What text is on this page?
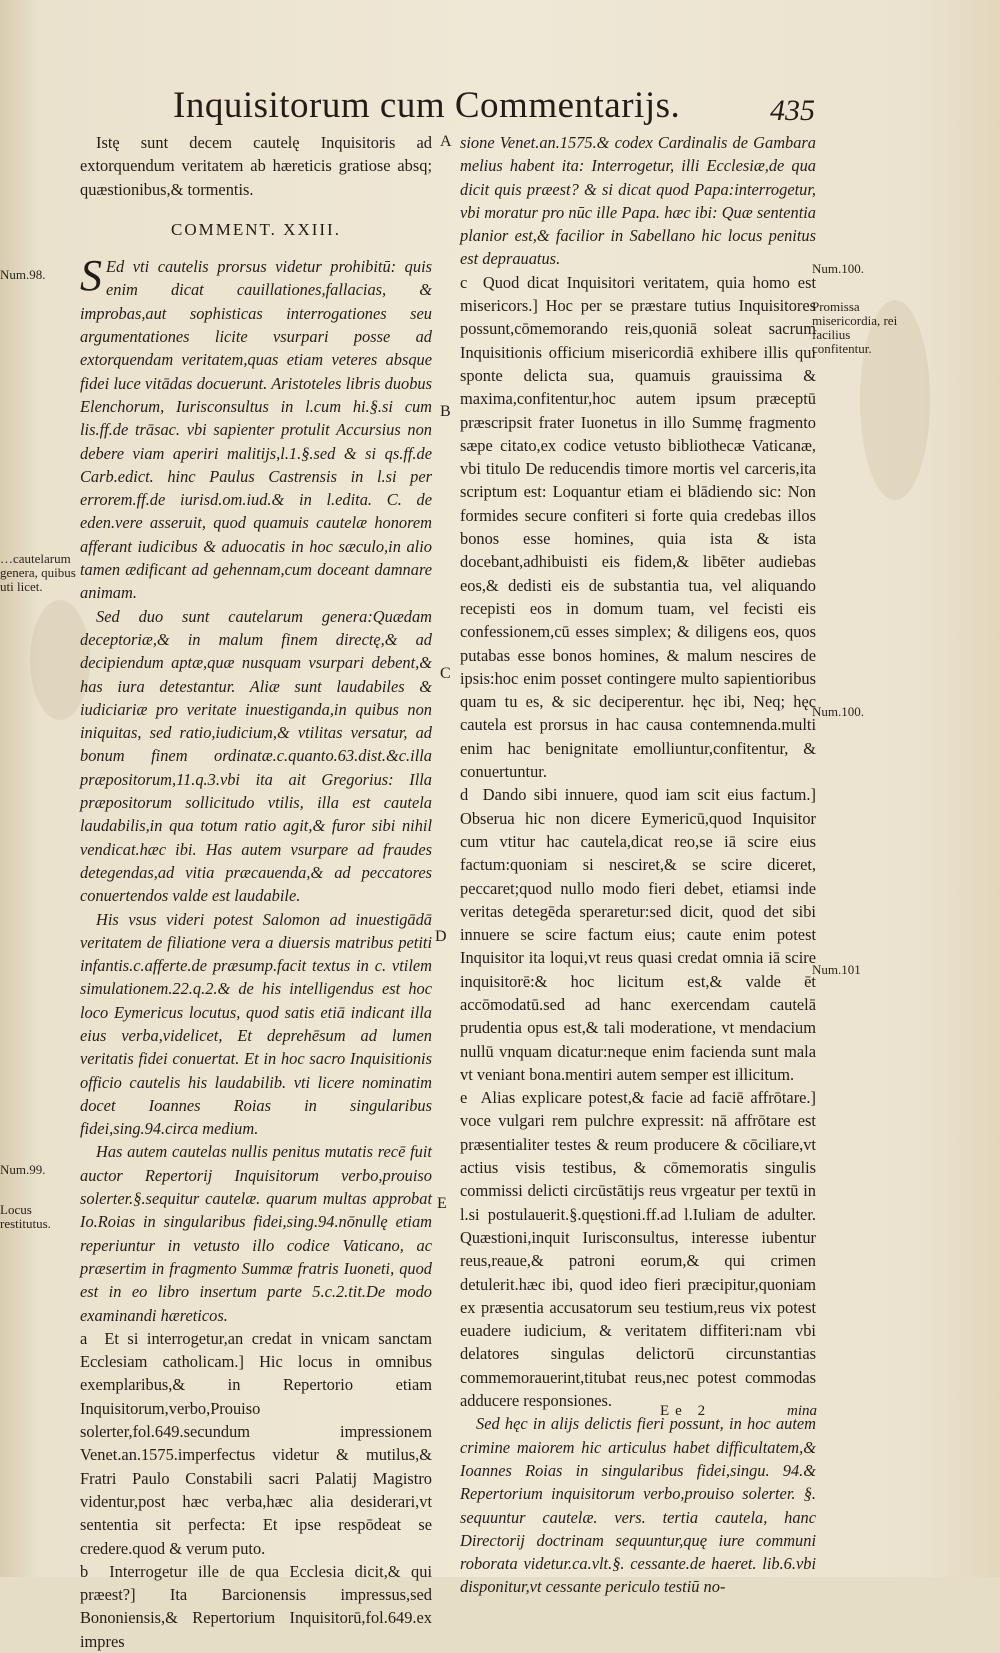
Inquisitorum cum Commentarijs.	435
Num.98.
…cautelarum genera, quibus uti licet.
Num.99.
Locus restitutus.
Num.100.
Promissa misericordia, rei facilius confitentur.
Num.100.
Num.101
A
B
C
D
E

Istę sunt decem cautelę Inquisitoris ad extorquendum veritatem ab hæreticis gratiose absq; quæstionibus,& tormentis.

COMMENT. XXIII.

S Ed vti cautelis prorsus videtur prohibitū: quis enim dicat cauillationes,fallacias, & improbas,aut sophisticas interrogationes seu argumentationes licite vsurpari posse ad extorquendam veritatem,quas etiam veteres absque fidei luce vitādas docuerunt. Aristoteles libris duobus Elenchorum, Iurisconsultus in l.cum hi.§.si cum lis.ff.de trāsac. vbi sapienter protulit Accursius non debere viam aperiri malitijs,l.1.§.sed & si qs.ff.de Carb.edict. hinc Paulus Castrensis in l.si per errorem.ff.de iurisd.om.iud.& in l.edita. C. de eden.vere asseruit, quod quamuis cautelæ honorem afferant iudicibus & aduocatis in hoc sæculo,in alio tamen ædificant ad gehennam,cum doceant damnare animam.

Sed duo sunt cautelarum genera:Quædam deceptoriæ,& in malum finem directę,& ad decipiendum aptæ,quæ nusquam vsurpari debent,& has iura detestantur. Aliæ sunt laudabiles & iudiciariæ pro veritate inuestiganda,in quibus non iniquitas, sed ratio,iudicium,& vtilitas versatur, ad bonum finem ordinatæ.c.quanto.63.dist.&c.illa præpositorum,11.q.3.vbi ita ait Gregorius: Illa præpositorum sollicitudo vtilis, illa est cautela laudabilis,in qua totum ratio agit,& furor sibi nihil vendicat.hæc ibi. Has autem vsurpare ad fraudes detegendas,ad vitia præcauenda,& ad peccatores conuertendos valde est laudabile.

His vsus videri potest Salomon ad inuestigādā veritatem de filiatione vera a diuersis matribus petiti infantis.c.afferte.de præsump.facit textus in c. vtilem simulationem.22.q.2.& de his intelligendus est hoc loco Eymericus locutus, quod satis etiā indicant illa eius verba,videlicet, Et deprehēsum ad lumen veritatis fidei conuertat. Et in hoc sacro Inquisitionis officio cautelis his laudabilib. vti licere nominatim docet Ioannes Roias in singularibus fidei,sing.94.circa medium.

Has autem cautelas nullis penitus mutatis recē fuit auctor Repertorij Inquisitorum verbo,prouiso solerter.§.sequitur cautelæ. quarum multas approbat Io.Roias in singularibus fidei,sing.94.nōnullę etiam reperiuntur in vetusto illo codice Vaticano, ac præsertim in fragmento Summæ fratris Iuoneti, quod est in eo libro insertum parte 5.c.2.tit.De modo examinandi hæreticos.

a Et si interrogetur,an credat in vnicam sanctam Ecclesiam catholicam.] Hic locus in omnibus exemplaribus,& in Repertorio etiam Inquisitorum,verbo,Prouiso solerter,fol.649.secundum impressionem Venet.an.1575.imperfectus videtur & mutilus,& Fratri Paulo Constabili sacri Palatij Magistro videntur,post hæc verba,hæc alia desiderari,vt sententia sit perfecta: Et ipse respōdeat se credere.quod & verum puto.

b Interrogetur ille de qua Ecclesia dicit,& qui præest?] Ita Barcionensis impressus,sed Bononiensis,& Repertorium Inquisitorū,fol.649.ex impres

sione Venet.an.1575.& codex Cardinalis de Gambara melius habent ita: Interrogetur, illi Ecclesiæ,de qua dicit quis præest? & si dicat quod Papa:interrogetur, vbi moratur pro nūc ille Papa. hæc ibi: Quæ sententia planior est,& facilior in Sabellano hic locus penitus est deprauatus.

c Quod dicat Inquisitori veritatem, quia homo est misericors.] Hoc per se præstare tutius Inquisitores possunt,cōmemorando reis,quoniā soleat sacrum Inquisitionis officium misericordiā exhibere illis qui sponte delicta sua, quamuis grauissima & maxima,confitentur,hoc autem ipsum præceptū præscripsit frater Iuonetus in illo Summę fragmento sæpe citato,ex codice vetusto bibliothecæ Vaticanæ, vbi titulo De reducendis timore mortis vel carceris,ita scriptum est: Loquantur etiam ei blādiendo sic: Non formides secure confiteri si forte quia credebas illos bonos esse homines, quia ista & ista docebant,adhibuisti eis fidem,& libēter audiebas eos,& dedisti eis de substantia tua, vel aliquando recepisti eos in domum tuam, vel fecisti eis confessionem,cū esses simplex; & diligens eos, quos putabas esse bonos homines, & malum nescires de ipsis:hoc enim posset contingere multo sapientioribus quam tu es, & sic deciperentur. hęc ibi, Neq; hęc cautela est prorsus in hac causa contemnenda.multi enim hac benignitate emolliuntur,confitentur, & conuertuntur.

d Dando sibi innuere, quod iam scit eius factum.] Obserua hic non dicere Eymericū,quod Inquisitor cum vtitur hac cautela,dicat reo,se iā scire eius factum:quoniam si nesciret,& se scire diceret, peccaret;quod nullo modo fieri debet, etiamsi inde veritas detegēda speraretur:sed dicit, quod det sibi innuere se scire factum eius; caute enim potest Inquisitor ita loqui,vt reus quasi credat omnia iā scire inquisitorē:& hoc licitum est,& valde ēt accōmodatū.sed ad hanc exercendam cautelā prudentia opus est,& tali moderatione, vt mendacium nullū vnquam dicatur:neque enim facienda sunt mala vt veniant bona.mentiri autem semper est illicitum.

e Alias explicare potest,& facie ad faciē affrōtare.] voce vulgari rem pulchre expressit: nā affrōtare est præsentialiter testes & reum producere & cōciliare,vt actius visis testibus, & cōmemoratis singulis commissi delicti circūstātijs reus vrgeatur per textū in l.si postulauerit.§.quęstioni.ff.ad l.Iuliam de adulter. Quæstioni,inquit Iurisconsultus, interesse iubentur reus,reaue,& patroni eorum,& qui crimen detulerit.hæc ibi, quod ideo fieri præcipitur,quoniam ex præsentia accusatorum seu testium,reus vix potest euadere iudicium, & veritatem diffiteri:nam vbi delatores singulas delictorū circunstantias commemorauerint,titubat reus,nec potest commodas adducere responsiones.

Sed hęc in alijs delictis fieri possunt, in hoc autem crimine maiorem hic articulus habet difficultatem,& Ioannes Roias in singularibus fidei,singu. 94.& Repertorium inquisitorum verbo,prouiso solerter. §. sequuntur cautelæ. vers. tertia cautela, hanc Directorij doctrinam sequuntur,quę iure communi roborata videtur.ca.vlt.§. cessante.de haeret. lib.6.vbi disponitur,vt cessante periculo testiū no-

Ee 2	mina
